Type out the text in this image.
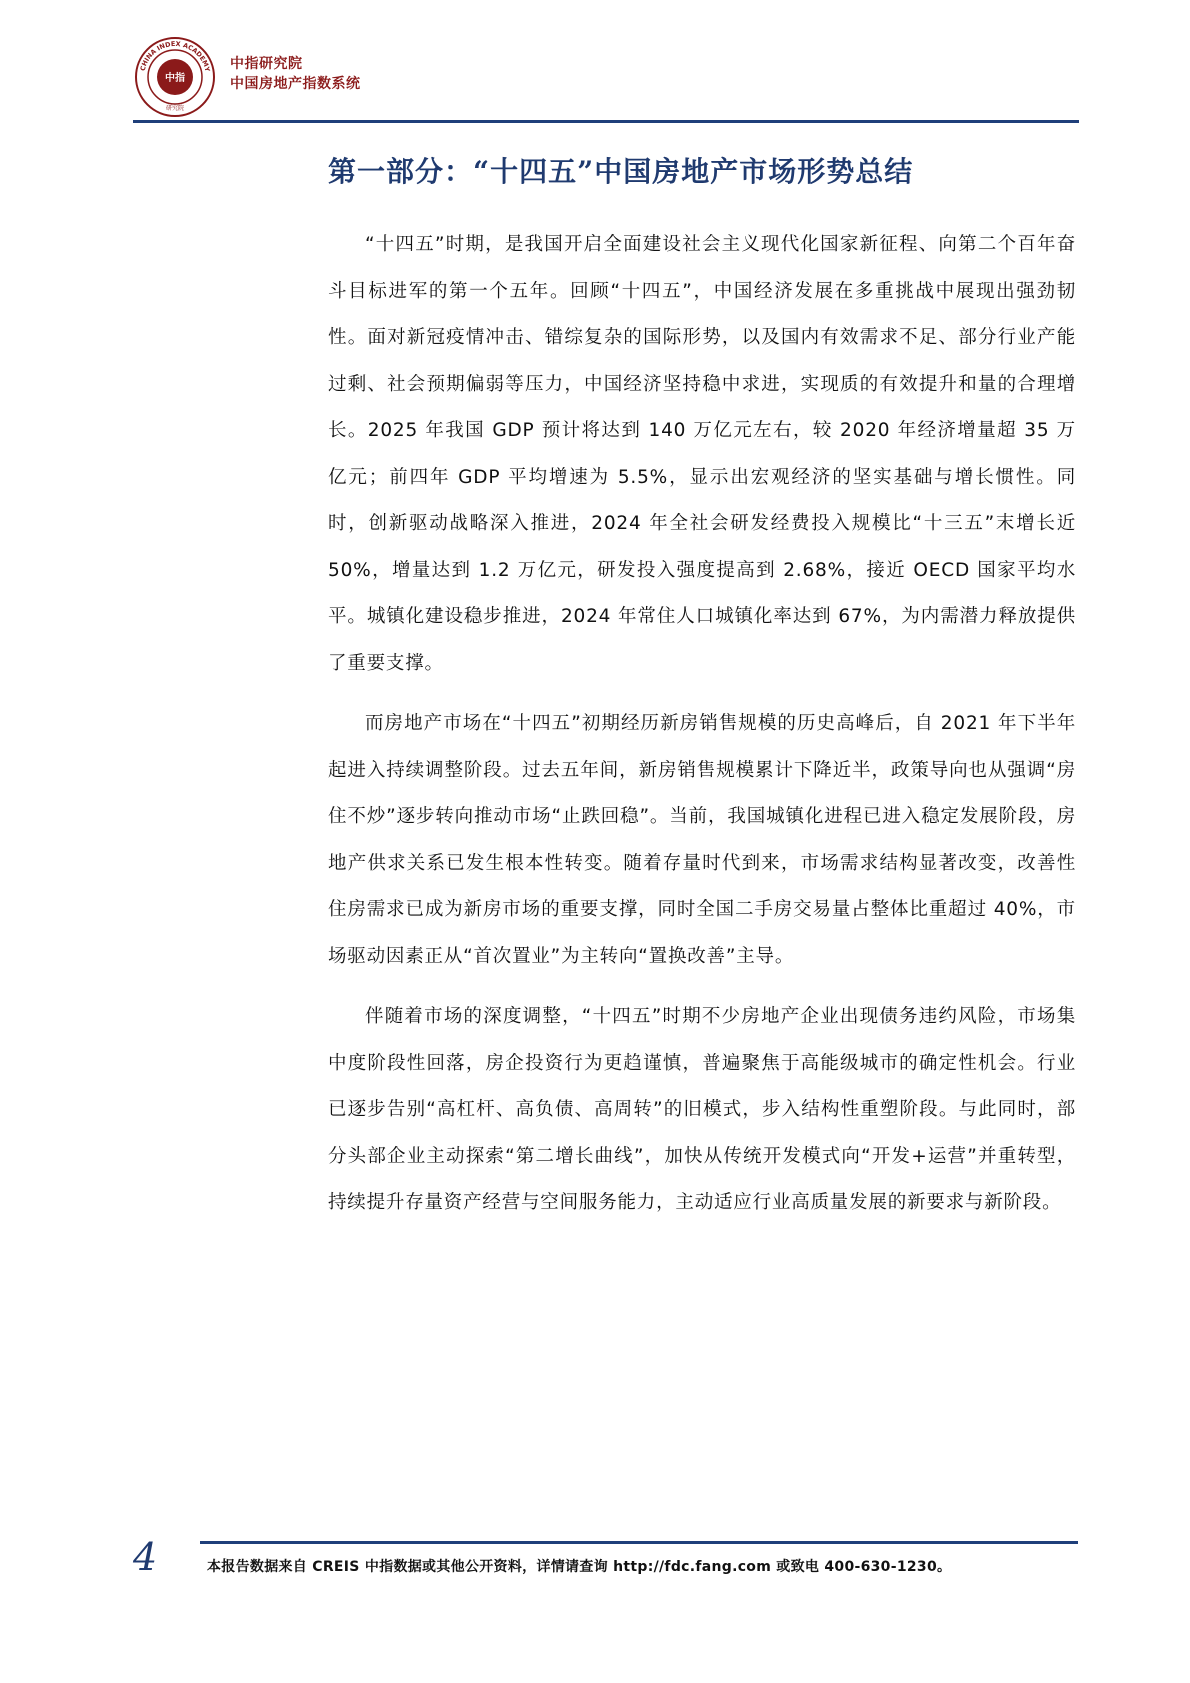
CHINA INDEX ACADEMY
中指
研究院
中指研究院
中国房地产指数系统
第一部分：“十四五”中国房地产市场形势总结

“十四五”时期，是我国开启全面建设社会主义现代化国家新征程、向第二个百年奋斗目标进军的第一个五年。回顾“十四五”，中国经济发展在多重挑战中展现出强劲韧性。面对新冠疫情冲击、错综复杂的国际形势，以及国内有效需求不足、部分行业产能过剩、社会预期偏弱等压力，中国经济坚持稳中求进，实现质的有效提升和量的合理增长。2025 年我国 GDP 预计将达到 140 万亿元左右，较 2020 年经济增量超 35 万亿元；前四年 GDP 平均增速为 5.5%，显示出宏观经济的坚实基础与增长惯性。同时，创新驱动战略深入推进，2024 年全社会研发经费投入规模比“十三五”末增长近 50%，增量达到 1.2 万亿元，研发投入强度提高到 2.68%，接近 OECD 国家平均水平。城镇化建设稳步推进，2024 年常住人口城镇化率达到 67%，为内需潜力释放提供了重要支撑。

而房地产市场在“十四五”初期经历新房销售规模的历史高峰后，自 2021 年下半年起进入持续调整阶段。过去五年间，新房销售规模累计下降近半，政策导向也从强调“房住不炒”逐步转向推动市场“止跌回稳”。当前，我国城镇化进程已进入稳定发展阶段，房地产供求关系已发生根本性转变。随着存量时代到来，市场需求结构显著改变，改善性住房需求已成为新房市场的重要支撑，同时全国二手房交易量占整体比重超过 40%，市场驱动因素正从“首次置业”为主转向“置换改善”主导。

伴随着市场的深度调整，“十四五”时期不少房地产企业出现债务违约风险，市场集中度阶段性回落，房企投资行为更趋谨慎，普遍聚焦于高能级城市的确定性机会。行业已逐步告别“高杠杆、高负债、高周转”的旧模式，步入结构性重塑阶段。与此同时，部分头部企业主动探索“第二增长曲线”，加快从传统开发模式向“开发+运营”并重转型，持续提升存量资产经营与空间服务能力，主动适应行业高质量发展的新要求与新阶段。

4	本报告数据来自 CREIS 中指数据或其他公开资料，详情请查询 http://fdc.fang.com 或致电 400-630-1230。
